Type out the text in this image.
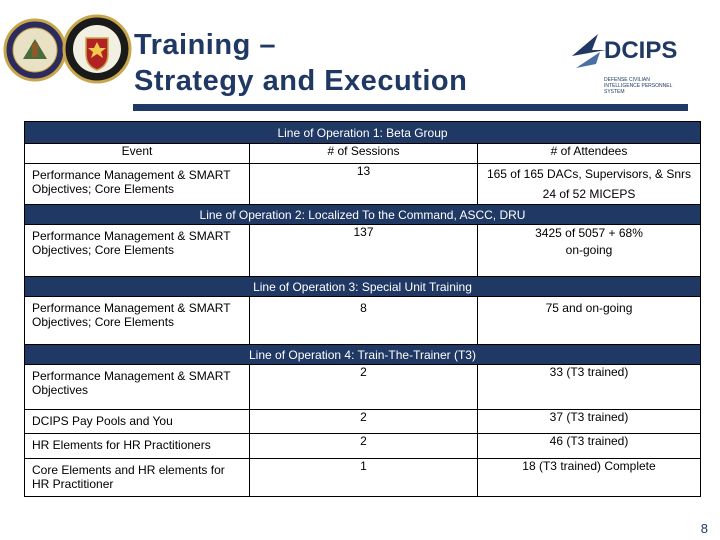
DCIPS
DEFENSE CIVILIAN INTELLIGENCE PERSONNEL SYSTEM
Training –
Strategy and Execution
Line of Operation 1: Beta Group		
Event	# of Sessions	# of Attendees

Performance Management & SMART Objectives; Core Elements	13	165 of 165 DACs, Supervisors, & Snrs
24 of 52 MICEPS

Line of Operation 2: Localized To the Command, ASCC, DRU		

Performance Management & SMART Objectives; Core Elements	137	3425 of 5057 + 68%
on-going

Line of Operation 3: Special Unit Training		

Performance Management & SMART Objectives; Core Elements	8	75 and on-going

Line of Operation 4: Train-The-Trainer (T3)		

Performance Management & SMART Objectives	2	33 (T3 trained)

DCIPS Pay Pools and You	2	37 (T3 trained)

HR Elements for HR Practitioners	2	46 (T3 trained)

Core Elements and HR elements for HR Practitioner	1	18 (T3 trained) Complete
8
